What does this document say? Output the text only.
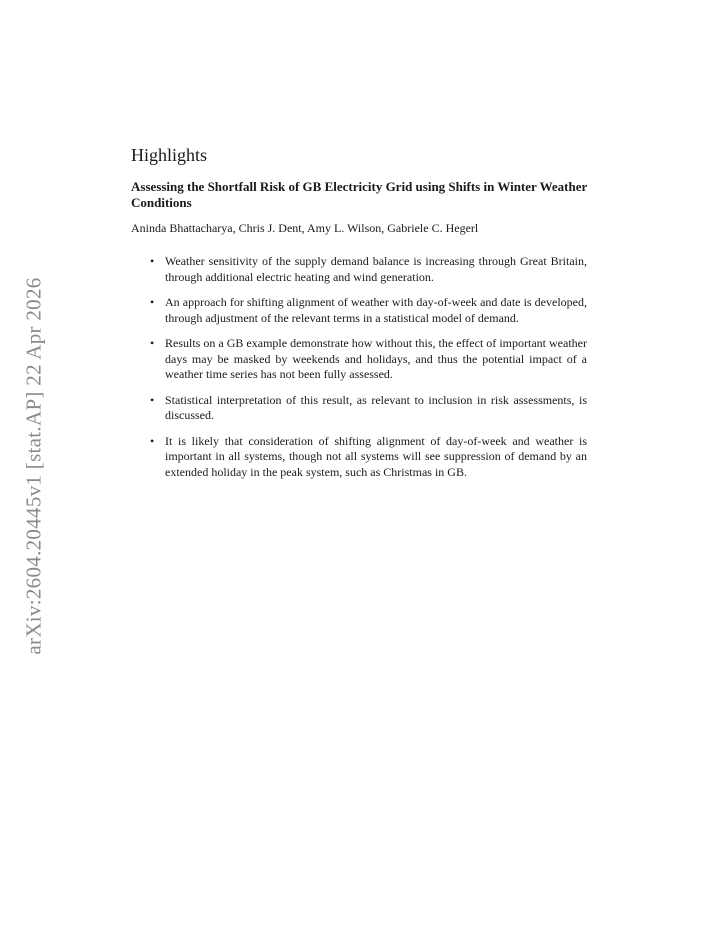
arXiv:2604.20445v1 [stat.AP] 22 Apr 2026
Highlights
Assessing the Shortfall Risk of GB Electricity Grid using Shifts in Winter Weather Conditions
Aninda Bhattacharya, Chris J. Dent, Amy L. Wilson, Gabriele C. Hegerl
• Weather sensitivity of the supply demand balance is increasing through Great Britain, through additional electric heating and wind generation.
• An approach for shifting alignment of weather with day-of-week and date is developed, through adjustment of the relevant terms in a statistical model of demand.
• Results on a GB example demonstrate how without this, the effect of important weather days may be masked by weekends and holidays, and thus the potential impact of a weather time series has not been fully assessed.
• Statistical interpretation of this result, as relevant to inclusion in risk assessments, is discussed.
• It is likely that consideration of shifting alignment of day-of-week and weather is important in all systems, though not all systems will see suppression of demand by an extended holiday in the peak system, such as Christmas in GB.
